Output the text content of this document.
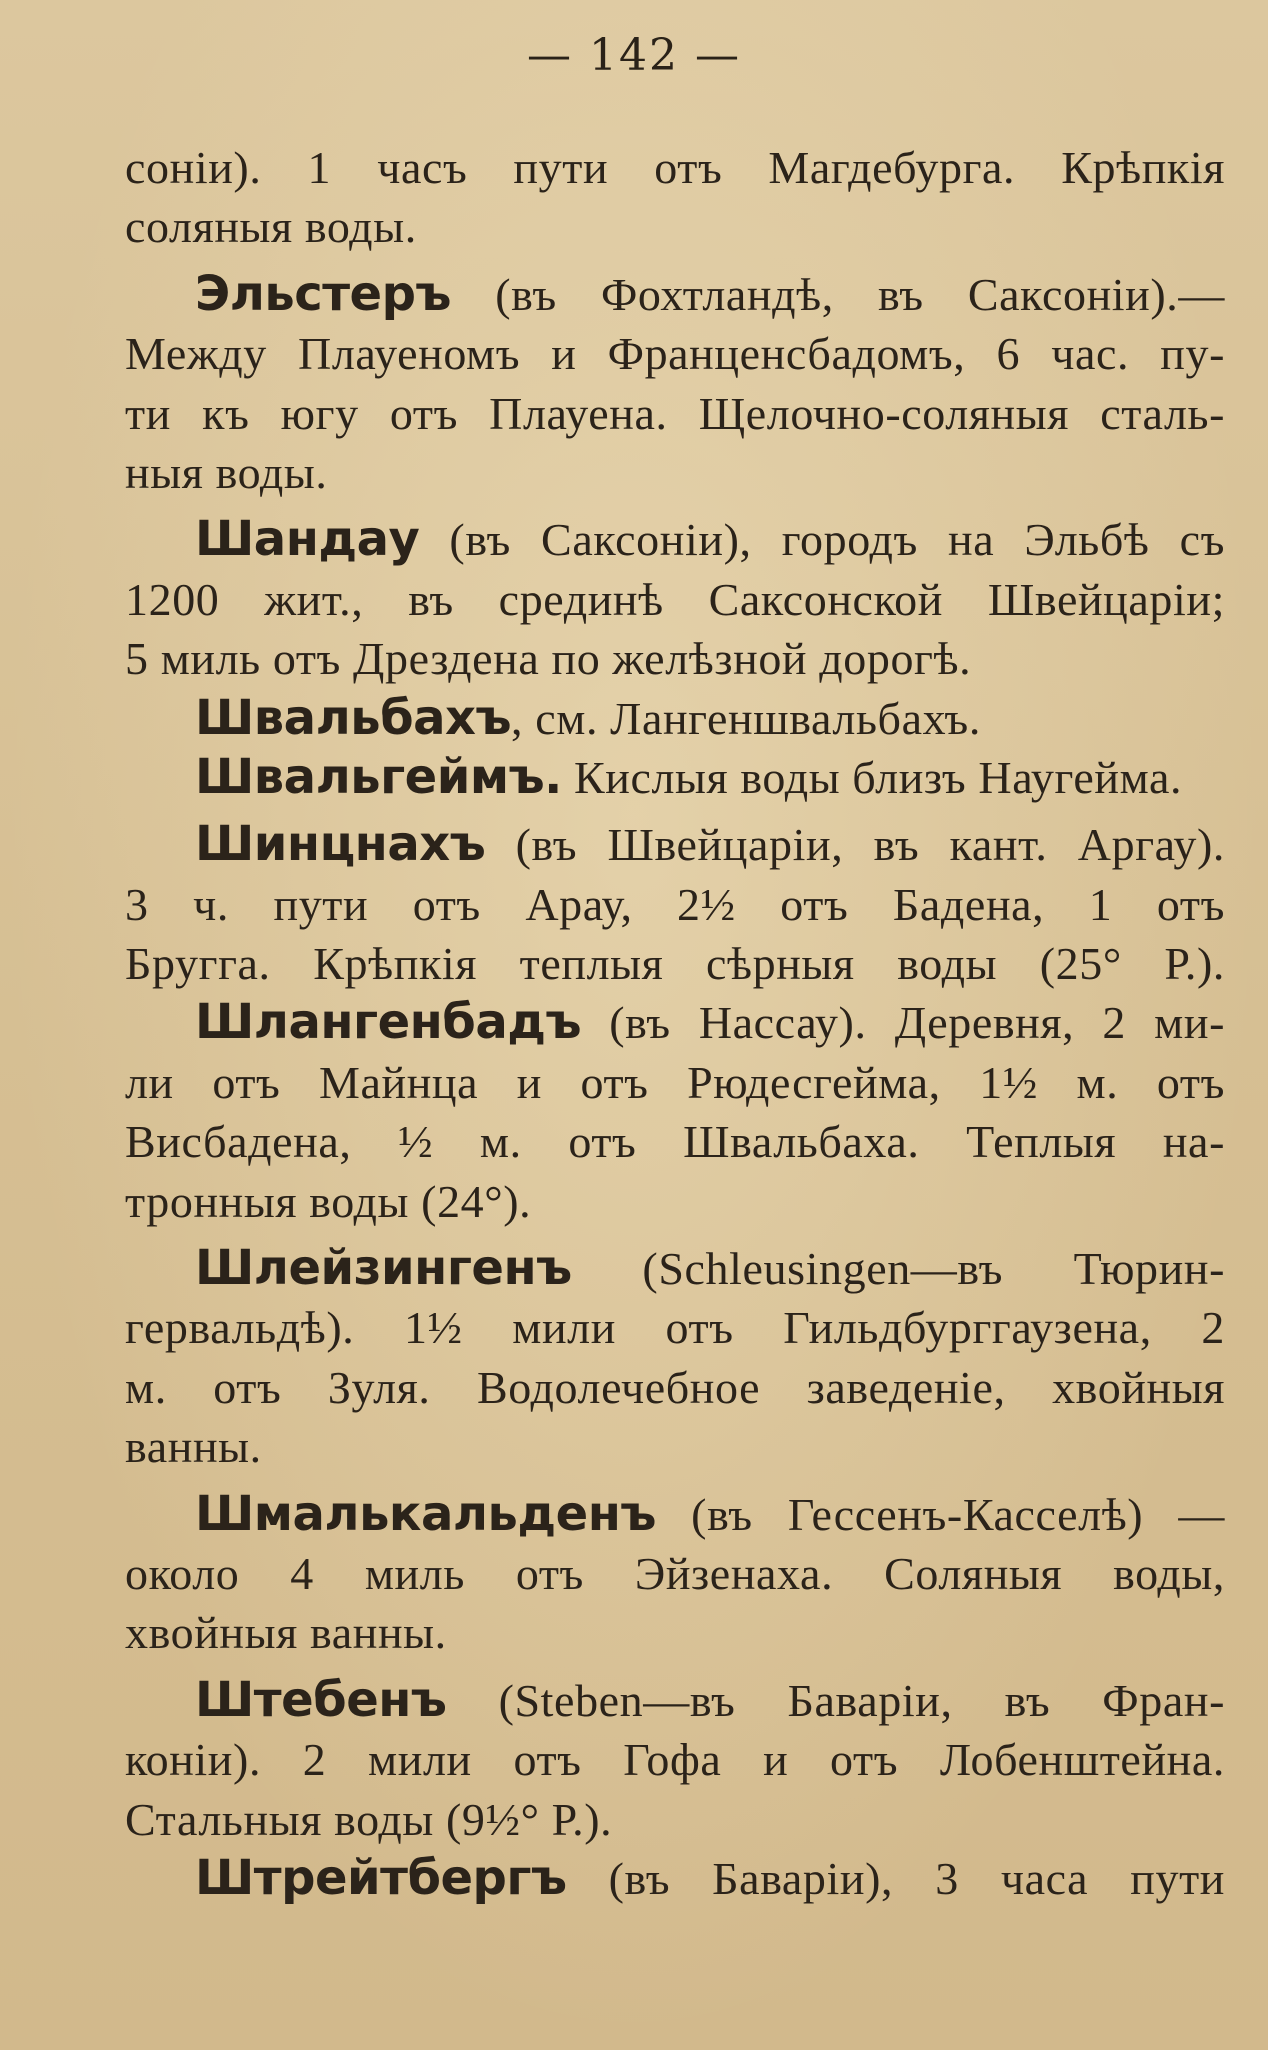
— 142 —
сонiи). 1 часъ пути отъ Магдебурга. Крѣпкiя
соляныя воды.
Эльстеръ (въ Фохтландѣ, въ Саксонiи).—
Между Плауеномъ и Франценсбадомъ, 6 час. пу-
ти къ югу отъ Плауена. Щелочно-соляныя сталь-
ныя воды.
Шандау (въ Саксонiи), городъ на Эльбѣ съ
1200 жит., въ срединѣ Саксонской Швейцарiи;
5 миль отъ Дрездена по желѣзной дорогѣ.
Швальбахъ, см. Лангеншвальбахъ.
Швальгеймъ. Кислыя воды близъ Наугейма.
Шинцнахъ (въ Швейцарiи, въ кант. Аргау).
3 ч. пути отъ Арау, 2½ отъ Бадена, 1 отъ
Бругга. Крѣпкiя теплыя сѣрныя воды (25° Р.).
Шлангенбадъ (въ Нассау). Деревня, 2 ми-
ли отъ Майнца и отъ Рюдесгейма, 1½ м. отъ
Висбадена, ½ м. отъ Швальбаха. Теплыя на-
тронныя воды (24°).
Шлейзингенъ (Schleusingen—въ Тюрин-
гервальдѣ). 1½ мили отъ Гильдбурггаузена, 2
м. отъ Зуля. Водолечебное заведенiе, хвойныя
ванны.
Шмалькальденъ (въ Гессенъ-Касселѣ) —
около 4 миль отъ Эйзенаха. Соляныя воды,
хвойныя ванны.
Штебенъ (Steben—въ Баварiи, въ Фран-
конiи). 2 мили отъ Гофа и отъ Лобенштейна.
Стальныя воды (9½° Р.).
Штрейтбергъ (въ Баварiи), 3 часа пути
